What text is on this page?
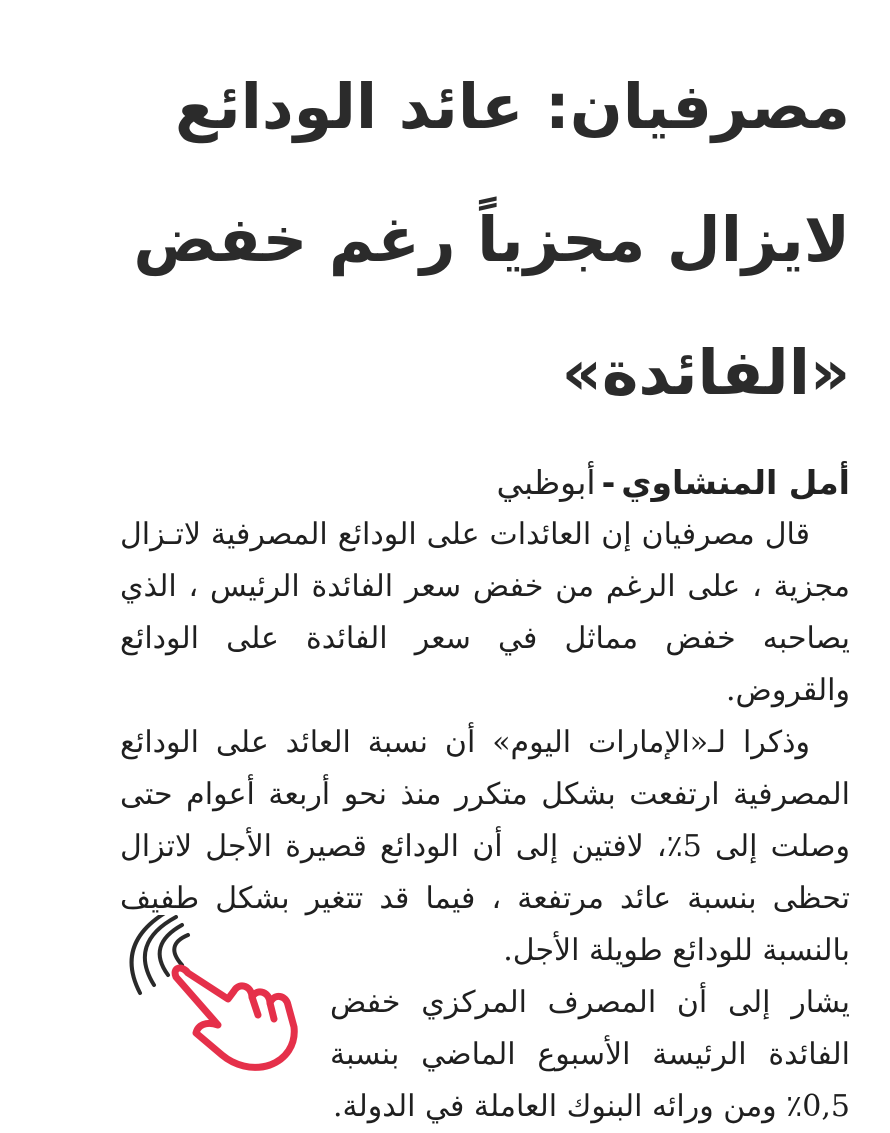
مصرفيان: عائد الودائع
لايزال مجزياً رغم خفض
«الفائدة»
أمل المنشاوي-أبوظبي

قال مصرفيان إن العائدات على الودائع المصرفية لاتـزال مجزية ، على الرغم من خفض سعر الفائدة الرئيس ، الذي يصاحبه خفض مماثل في سعر الفائدة على الودائع والقروض.

وذكرا لـ«الإمارات اليوم» أن نسبة العائد على الودائع المصرفية ارتفعت بشكل متكرر منذ نحو أربعة أعوام حتى وصلت إلى 5٪، لافتين إلى أن الودائع قصيرة الأجل لاتزال تحظى بنسبة عائد مرتفعة ، فيما قد تتغير بشكل طفيف بالنسبة للودائع طويلة الأجل.

يشار إلى أن المصرف المركزي خفض الفائدة الرئيسة الأسبوع الماضي بنسبة 0,5٪ ومن ورائه البنوك العاملة في الدولة.
